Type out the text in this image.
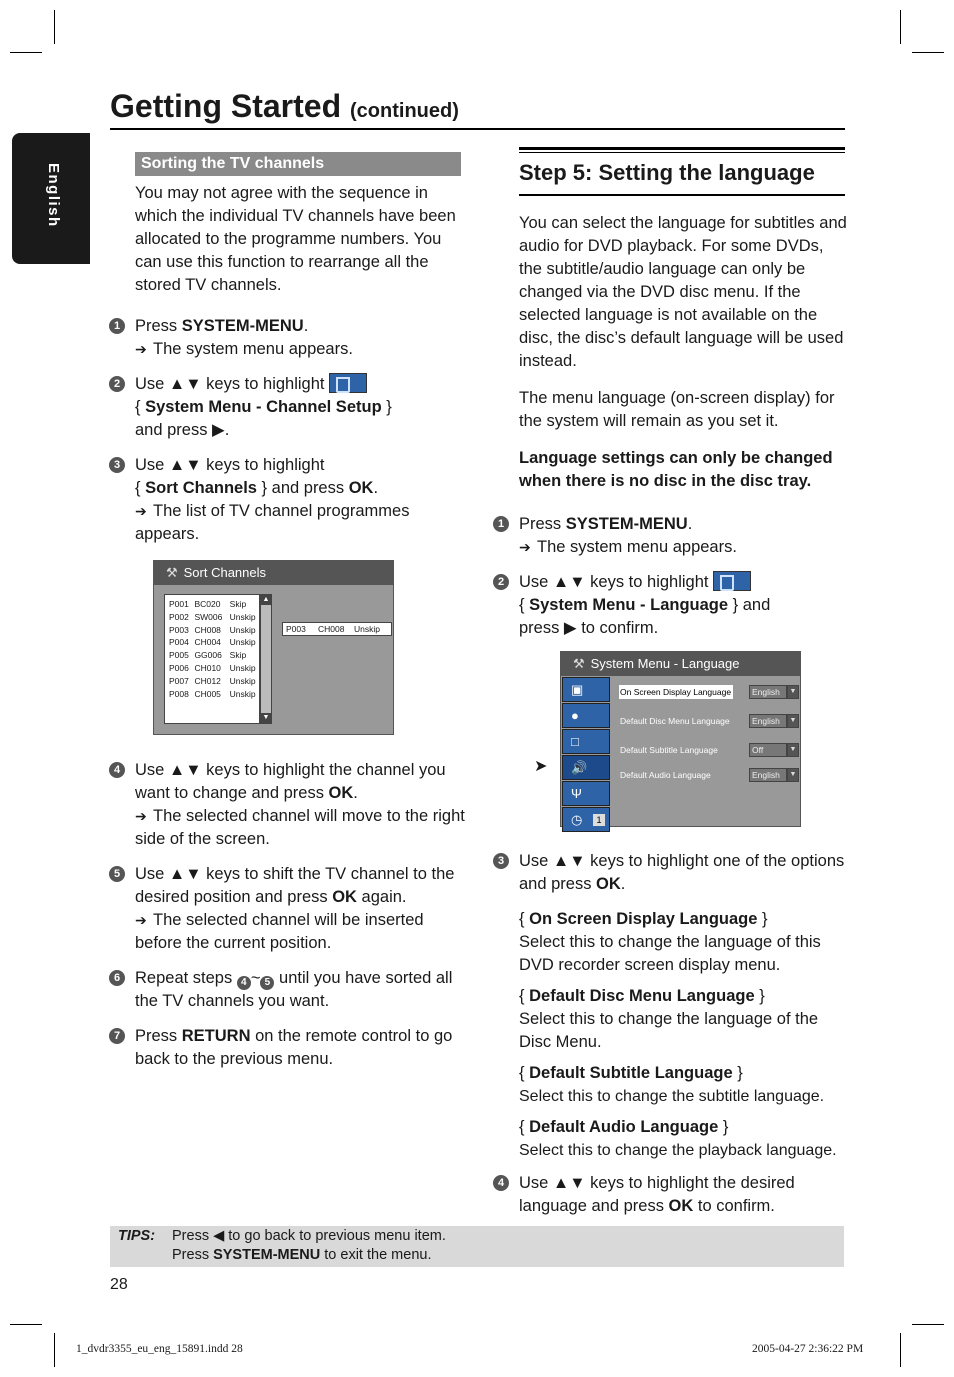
Getting Started (continued)
English	Sorting the TV channels

You may not agree with the sequence in which the individual TV channels have been allocated to the programme numbers. You can use this function to rearrange all the stored TV channels.

1 Press SYSTEM-MENU.
➔ The system menu appears.
2 Use ▲▼ keys to highlight
{ System Menu - Channel Setup }
and press ▶.
3 Use ▲▼ keys to highlight
{ Sort Channels } and press OK.
➔ The list of TV channel programmes appears.
⚒ Sort Channels
P001 BC020	Skip
P002 SW006 Unskip
P003 CH008	Unskip
P004 CH004	Unskip
P005 GG006 Skip
P006 CH010	Unskip
P007 CH012	Unskip
P008 CH005	Unskip
▲
▼
P003	CH008	Unskip
4 Use ▲▼ keys to highlight the channel you want to change and press OK.
➔ The selected channel will move to the right side of the screen.
5 Use ▲▼ keys to shift the TV channel to the desired position and press OK again.
➔ The selected channel will be inserted before the current position.
6 Repeat steps 4 ~ 5 until you have sorted all the TV channels you want.
7 Press RETURN on the remote control to go back to the previous menu.
Step 5: Setting the language

You can select the language for subtitles and audio for DVD playback. For some DVDs, the subtitle/audio language can only be changed via the DVD disc menu. If the selected language is not available on the disc, the disc’s default language will be used instead.

The menu language (on-screen display) for the system will remain as you set it.

Language settings can only be changed when there is no disc in the disc tray.

1 Press SYSTEM-MENU.
➔ The system menu appears.
2 Use ▲▼ keys to highlight
{ System Menu - Language } and
press ▶ to confirm.
➤
⚒ System Menu - Language
▣
●
□
🔊
Ψ
◷	1
On Screen Display Language	English	▼
Default Disc Menu Language	English	▼
Default Subtitle Language	Off	▼
Default Audio Language	English	▼
3 Use ▲▼ keys to highlight one of the options and press OK.
{ On Screen Display Language }
Select this to change the language of this DVD recorder screen display menu.
{ Default Disc Menu Language }
Select this to change the language of the Disc Menu.
{ Default Subtitle Language }
Select this to change the subtitle language.
{ Default Audio Language }
Select this to change the playback language.
4 Use ▲▼ keys to highlight the desired language and press OK to confirm.
TIPS: Press ◀ to go back to previous menu item.
Press SYSTEM-MENU to exit the menu.
28
1_dvdr3355_eu_eng_15891.indd 28	2005-04-27 2:36:22 PM
